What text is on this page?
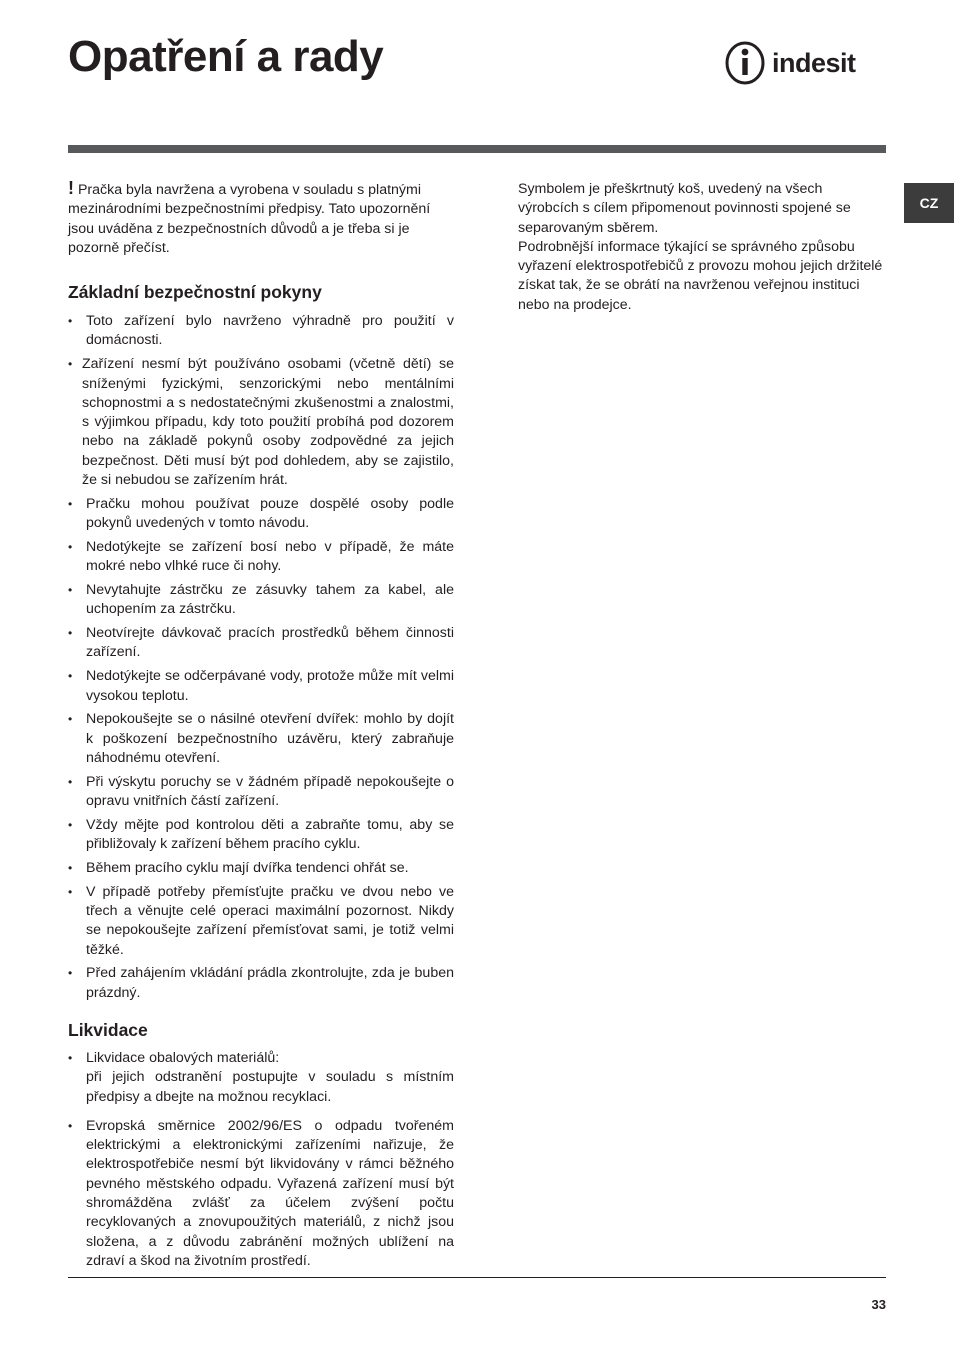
Opatření a rady	indesit
CZ

! Pračka byla navržena a vyrobena v souladu s platnými mezinárodními bezpečnostními předpisy. Tato upozornění jsou uváděna z bezpečnostních důvodů a je třeba si je pozorně přečíst.

Základní bezpečnostní pokyny
• Toto zařízení bylo navrženo výhradně pro použití v domácnosti.
• Zařízení nesmí být používáno osobami (včetně dětí) se sníženými fyzickými, senzorickými nebo mentálními schopnostmi a s nedostatečnými zkušenostmi a znalostmi, s výjimkou případu, kdy toto použití probíhá pod dozorem nebo na základě pokynů osoby zodpovědné za jejich bezpečnost. Děti musí být pod dohledem, aby se zajistilo, že si nebudou se zařízením hrát.
• Pračku mohou používat pouze dospělé osoby podle pokynů uvedených v tomto návodu.
• Nedotýkejte se zařízení bosí nebo v případě, že máte mokré nebo vlhké ruce či nohy.
• Nevytahujte zástrčku ze zásuvky tahem za kabel, ale uchopením za zástrčku.
• Neotvírejte dávkovač pracích prostředků během činnosti zařízení.
• Nedotýkejte se odčerpávané vody, protože může mít velmi vysokou teplotu.
• Nepokoušejte se o násilné otevření dvířek: mohlo by dojít k poškození bezpečnostního uzávěru, který zabraňuje náhodnému otevření.
• Při výskytu poruchy se v žádném případě nepokoušejte o opravu vnitřních částí zařízení.
• Vždy mějte pod kontrolou děti a zabraňte tomu, aby se přibližovaly k zařízení během pracího cyklu.
• Během pracího cyklu mají dvířka tendenci ohřát se.
• V případě potřeby přemísťujte pračku ve dvou nebo ve třech a věnujte celé operaci maximální pozornost. Nikdy se nepokoušejte zařízení přemísťovat sami, je totiž velmi těžké.
• Před zahájením vkládání prádla zkontrolujte, zda je buben prázdný.
Likvidace
• Likvidace obalových materiálů:
při jejich odstranění postupujte v souladu s místním předpisy a dbejte na možnou recyklaci.
• Evropská směrnice 2002/96/ES o odpadu tvořeném elektrickými a elektronickými zařízeními nařizuje, že elektrospotřebiče nesmí být likvidovány v rámci běžného pevného městského odpadu. Vyřazená zařízení musí být shromážděna zvlášť za účelem zvýšení počtu recyklovaných a znovupoužitých materiálů, z nichž jsou složena, a z důvodu zabránění možných ublížení na zdraví a škod na životním prostředí.

Symbolem je přeškrtnutý koš, uvedený na všech výrobcích s cílem připomenout povinnosti spojené se separovaným sběrem.

Podrobnější informace týkající se správného způsobu vyřazení elektrospotřebičů z provozu mohou jejich držitelé získat tak, že se obrátí na navrženou veřejnou instituci nebo na prodejce.

33
